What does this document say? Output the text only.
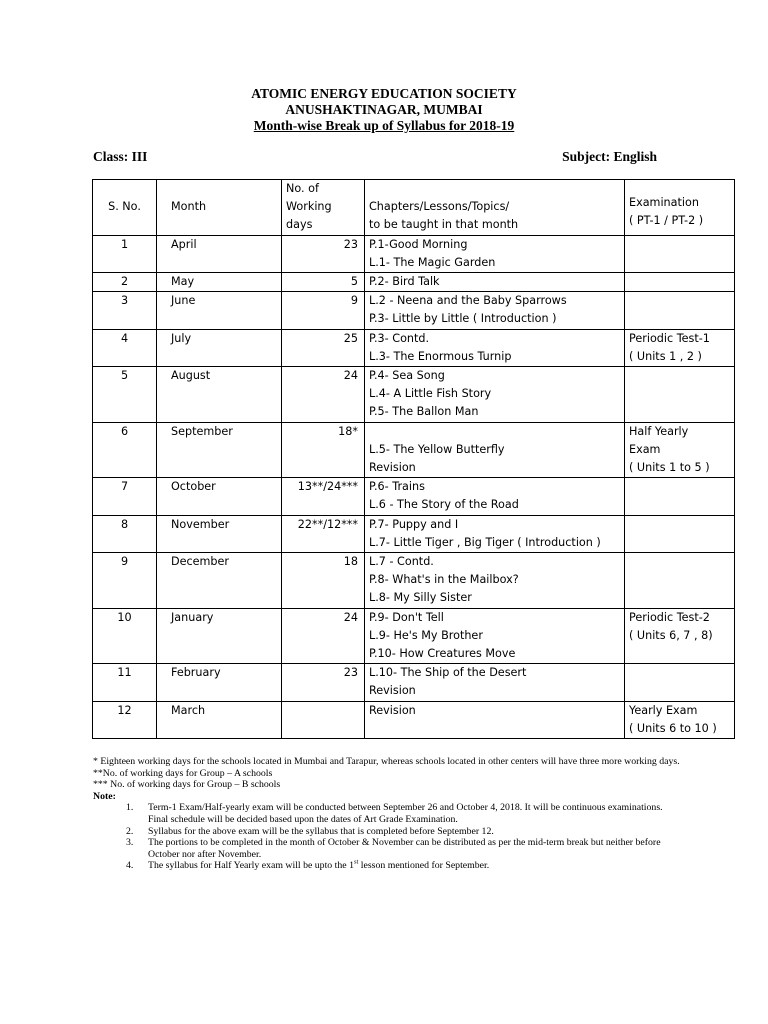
ATOMIC ENERGY EDUCATION SOCIETY
ANUSHAKTINAGAR, MUMBAI
Month-wise Break up of Syllabus for 2018-19
Class: III	Subject: English
S. No.	Month	No. of
Working
days	Chapters/Lessons/Topics/
to be taught in that month	Examination
( PT-1 / PT-2 )

1	April	23	P.1-Good Morning
L.1- The Magic Garden	

2	May	5	P.2- Bird Talk	

3	June	9	L.2 - Neena and the Baby Sparrows
P.3- Little by Little ( Introduction )	

4	July	25	P.3- Contd.
L.3- The Enormous Turnip	Periodic Test-1
( Units 1 , 2 )

5	August	24	P.4- Sea Song
L.4- A Little Fish Story
P.5- The Ballon Man	

6	September	18*	L.5- The Yellow Butterfly
Revision	Half Yearly
Exam
( Units 1 to 5 )

7	October	13**/24***	P.6- Trains
L.6 - The Story of the Road	

8	November	22**/12***	P.7- Puppy and I
L.7- Little Tiger , Big Tiger ( Introduction )	

9	December	18	L.7 - Contd.
P.8- What's in the Mailbox?
L.8- My Silly Sister	

10	January	24	P.9- Don't Tell
L.9- He's My Brother
P.10- How Creatures Move	Periodic Test-2
( Units 6, 7 , 8)

11	February	23	L.10- The Ship of the Desert
Revision	

12	March		Revision	Yearly Exam
( Units 6 to 10 )

* Eighteen working days for the schools located in Mumbai and Tarapur, whereas schools located in other centers will have three more working days.

**No. of working days for Group – A schools

*** No. of working days for Group – B schools

Note:

1. Term-1 Exam/Half-yearly exam will be conducted between September 26 and October 4, 2018. It will be continuous examinations. Final schedule will be decided based upon the dates of Art Grade Examination.
2. Syllabus for the above exam will be the syllabus that is completed before September 12.
3. The portions to be completed in the month of October & November can be distributed as per the mid-term break but neither before October nor after November.
4. The syllabus for Half Yearly exam will be upto the 1st lesson mentioned for September.
